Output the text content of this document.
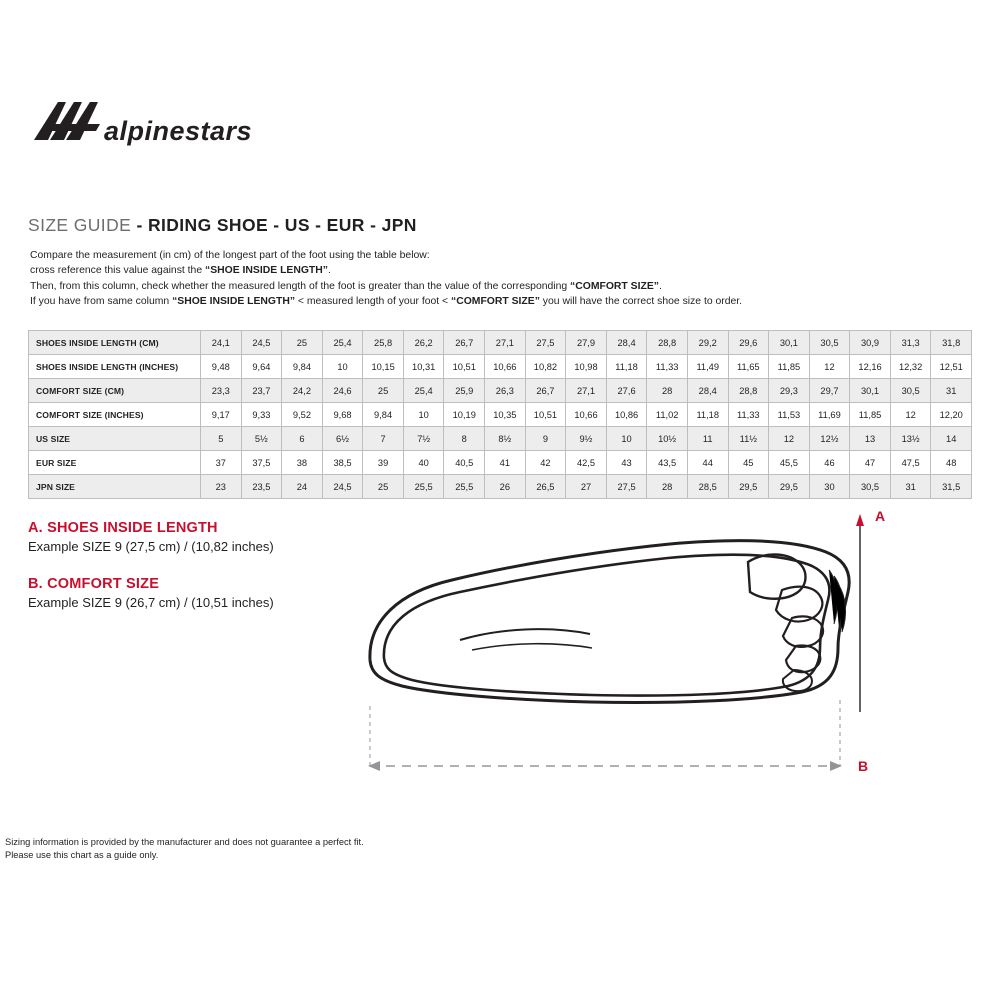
alpinestars
SIZE GUIDE - RIDING SHOE - US - EUR - JPN
Compare the measurement (in cm) of the longest part of the foot using the table below:
cross reference this value against the “SHOE INSIDE LENGTH”.
Then, from this column, check whether the measured length of the foot is greater than the value of the corresponding “COMFORT SIZE”.
If you have from same column “SHOE INSIDE LENGTH” < measured length of your foot < “COMFORT SIZE” you will have the correct shoe size to order.
SHOES INSIDE LENGTH (CM)	24,1	24,5	25	25,4	25,8	26,2	26,7	27,1	27,5	27,9	28,4	28,8	29,2	29,6	30,1	30,5	30,9	31,3	31,8
SHOES INSIDE LENGTH (INCHES)	9,48	9,64	9,84	10	10,15	10,31	10,51	10,66	10,82	10,98	11,18	11,33	11,49	11,65	11,85	12	12,16	12,32	12,51
COMFORT SIZE (CM)	23,3	23,7	24,2	24,6	25	25,4	25,9	26,3	26,7	27,1	27,6	28	28,4	28,8	29,3	29,7	30,1	30,5	31
COMFORT SIZE (INCHES)	9,17	9,33	9,52	9,68	9,84	10	10,19	10,35	10,51	10,66	10,86	11,02	11,18	11,33	11,53	11,69	11,85	12	12,20
US SIZE	5	5½	6	6½	7	7½	8	8½	9	9½	10	10½	11	11½	12	12½	13	13½	14
EUR SIZE	37	37,5	38	38,5	39	40	40,5	41	42	42,5	43	43,5	44	45	45,5	46	47	47,5	48
JPN SIZE	23	23,5	24	24,5	25	25,5	25,5	26	26,5	27	27,5	28	28,5	29,5	29,5	30	30,5	31	31,5

A. SHOES INSIDE LENGTH

Example SIZE 9 (27,5 cm) / (10,82 inches)

B. COMFORT SIZE

Example SIZE 9 (26,7 cm) / (10,51 inches)

A
B
Sizing information is provided by the manufacturer and does not guarantee a perfect fit.
Please use this chart as a guide only.
